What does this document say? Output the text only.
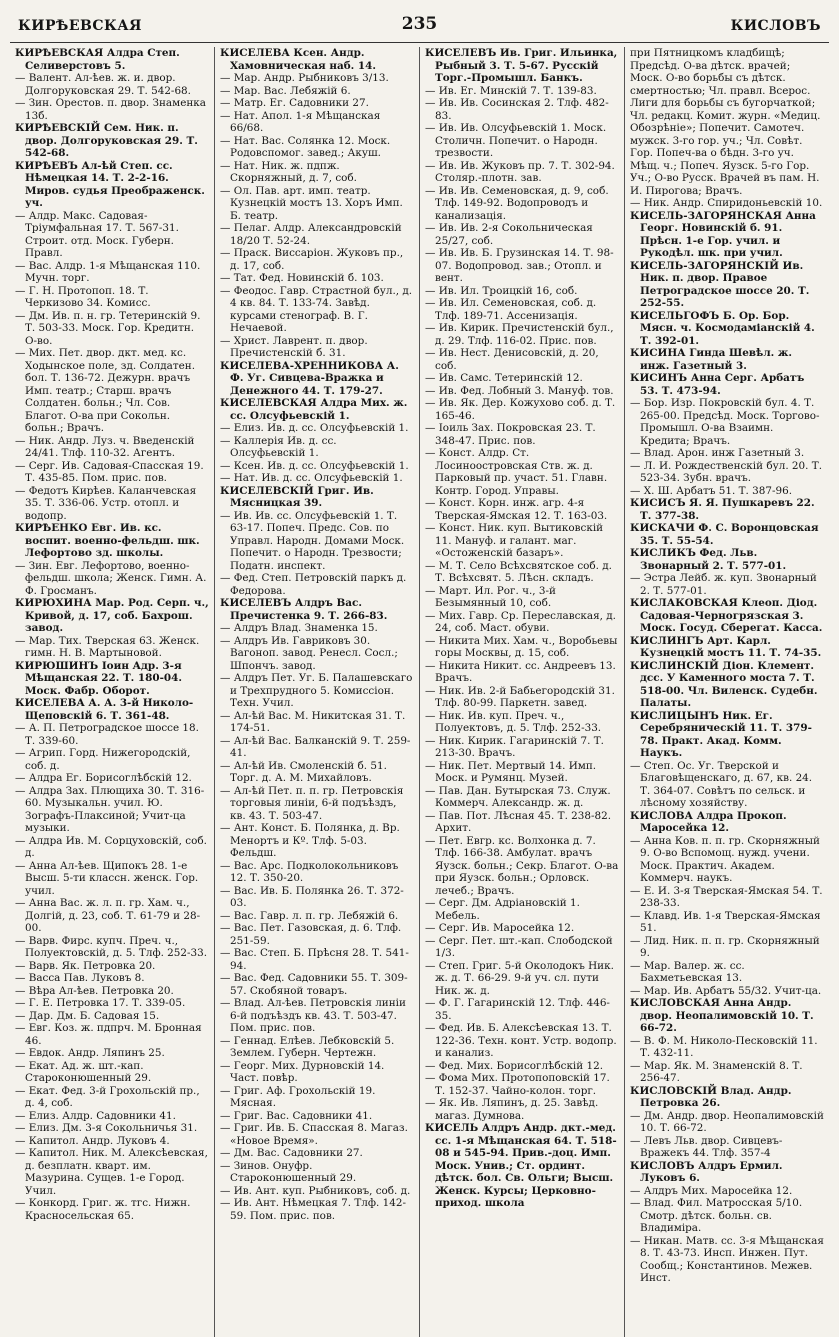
КИРѢЕВСКАЯ	235	КИСЛОВЪ

КИРѢЕВСКАЯ Алдра Степ. Селиверстовъ 5.

— Валент. Ал-ѣев. ж. и. двор. Долгоруковская 29. Т. 542-68.

— Зин. Орестов. п. двор. Знаменка 13б.

КИРѢЕВСКІЙ Сем. Ник. п. двор. Долгоруковская 29. Т. 542-68.

КИРѢЕВЪ Ал-ѣй Степ. сс. Нѣмецкая 14. Т. 2-2-16. Миров. судья Преображенск. уч.

— Алдр. Макс. Садовая-Тріумфальная 17. Т. 567-31. Строит. отд. Моск. Губерн. Правл.

— Вас. Алдр. 1-я Мѣщанская 110. Мучн. торг.

— Г. Н. Протопоп. 18. Т. Черкизово 34. Комисс.

— Дм. Ив. п. н. гр. Тетеринскій 9. Т. 503-33. Моск. Гор. Кредитн. О-во.

— Мих. Пет. двор. дкт. мед. кс. Ходынское поле, зд. Солдатен. бол. Т. 136-72. Дежурн. врачъ Имп. театр.; Старш. врачъ Солдатен. больн.; Чл. Сов. Благот. О-ва при Сокольн. больн.; Врачъ.

— Ник. Андр. Луз. ч. Введенскій 24/41. Тлф. 110-32. Агентъ.

— Серг. Ив. Садовая-Спасская 19. Т. 435-85. Пом. прис. пов.

— Федотъ Кирѣев. Каланчевская 35. Т. 336-06. Устр. отопл. и водопр.

КИРѢЕНКО Евг. Ив. кс. воспит. военно-фельдш. шк. Лефортово зд. школы.

— Зин. Евг. Лефортово, военно-фельдш. школа; Женск. Гимн. А. Ф. Гросманъ.

КИРЮХИНА Мар. Род. Серп. ч., Кривой, д. 17, соб. Бахрош. завод.

— Мар. Тих. Тверская 63. Женск. гимн. Н. В. Мартыновой.

КИРЮШИНЪ Іоин Адр. 3-я Мѣщанская 22. Т. 180-04. Моск. Фабр. Оборот.

КИСЕЛЕВА А. А. 3-й Николо-Щеповскій 6. Т. 361-48.

— А. П. Петроградское шоссе 18. Т. 339-60.

— Агрип. Горд. Нижегородскій, соб. д.

— Алдра Ег. Борисоглѣбскій 12.

— Алдра Зах. Плющиха 30. Т. 316-60. Музыкальн. учил. Ю. Зографъ-Плаксиной; Учит-ца музыки.

— Алдра Ив. М. Сорцуховскій, соб. д.

— Анна Ал-ѣев. Щипокъ 28. 1-е Высш. 5-ти классн. женск. Гор. учил.

— Анна Вас. ж. л. п. гр. Хам. ч., Долгій, д. 23, соб. Т. 61-79 и 28-00.

— Варв. Фирс. купч. Преч. ч., Полуектовскій, д. 5. Тлф. 252-33.

— Варв. Як. Петровка 20.

— Васса Пав. Луковъ 8.

— Вѣра Ал-ѣев. Петровка 20.

— Г. Е. Петровка 17. Т. 339-05.

— Дар. Дм. Б. Садовая 15.

— Евг. Коз. ж. пдпрч. М. Бронная 46.

— Евдок. Андр. Ляпинъ 25.

— Екат. Ад. ж. шт.-кап. Староконюшенный 29.

— Екат. Фед. 3-й Грохольскій пр., д. 4, соб.

— Елиз. Алдр. Садовники 41.

— Елиз. Дм. 3-я Сокольничья 31.

— Капитол. Андр. Луковъ 4.

— Капитол. Ник. М. Алексѣевская, д. безплатн. кварт. им. Мазурина. Сущев. 1-е Город. Учил.

— Конкорд. Григ. ж. тгс. Нижн. Красносельская 65.

КИСЕЛЕВА Ксен. Андр. Хамовническая наб. 14.

— Мар. Андр. Рыбниковъ 3/13.

— Мар. Вас. Лебяжій 6.

— Матр. Ег. Садовники 27.

— Нат. Апол. 1-я Мѣщанская 66/68.

— Нат. Вас. Солянка 12. Моск. Родовспомог. завед.; Акуш.

— Нат. Ник. ж. пдпж. Скорняжный, д. 7, соб.

— Ол. Пав. арт. имп. театр. Кузнецкій мостъ 13. Хоръ Имп. Б. театр.

— Пелаг. Алдр. Александровскій 18/20 Т. 52-24.

— Праск. Виссаріон. Жуковъ пр., д. 17, соб.

— Тат. Фед. Новинскій б. 103.

— Феодос. Гавр. Страстной бул., д. 4 кв. 84. Т. 133-74. Завѣд. курсами стенограф. В. Г. Нечаевой.

— Христ. Лаврент. п. двор. Пречистенскій б. 31.

КИСЕЛЕВА-ХРЕННИКОВА А. Ф. Уг. Сивцева-Вражка и Денежного 44. Т. 179-27.

КИСЕЛЕВСКАЯ Алдра Мих. ж. сс. Олсуфьевскій 1.

— Елиз. Ив. д. сс. Олсуфьевскій 1.

— Каллерія Ив. д. сс. Олсуфьевскій 1.

— Ксен. Ив. д. сс. Олсуфьевскій 1.

— Нат. Ив. д. сс. Олсуфьевскій 1.

КИСЕЛЕВСКІЙ Григ. Ив. Мясницкая 39.

— Ив. Ив. сс. Олсуфьевскій 1. Т. 63-17. Попеч. Предс. Сов. по Управл. Народн. Домами Моск. Попечит. о Народн. Трезвости; Податн. инспект.

— Фед. Степ. Петровскій паркъ д. Федорова.

КИСЕЛЕВЪ Алдръ Вас. Пречистенка 9. Т. 266-83.

— Алдръ Влад. Знаменка 15.

— Алдръ Ив. Гавриковъ 30. Вагоноп. завод. Ренесл. Сосл.; Шпончъ. завод.

— Алдръ Пет. Уг. Б. Палашевскаго и Трехпрудного 5. Комиссіон. Техн. Учил.

— Ал-ѣй Вас. М. Никитская 31. Т. 174-51.

— Ал-ѣй Вас. Балканскій 9. Т. 259-41.

— Ал-ѣй Ив. Смоленскій б. 51. Торг. д. А. М. Михайловъ.

— Ал-ѣй Пет. п. п. гр. Петровскія торговыя линіи, 6-й подъѣздъ, кв. 43. Т. 503-47.

— Ант. Конст. Б. Полянка, д. Вр. Менортъ и Кº. Тлф. 5-03. Фельдш.

— Вас. Арс. Подколокольниковъ 12. Т. 350-20.

— Вас. Ив. Б. Полянка 26. Т. 372-03.

— Вас. Гавр. л. п. гр. Лебяжій 6.

— Вас. Пет. Газовская, д. 6. Тлф. 251-59.

— Вас. Степ. Б. Прѣсня 28. Т. 541-94.

— Вас. Фед. Садовники 55. Т. 309-57. Скобяной товаръ.

— Влад. Ал-ѣев. Петровскія линіи 6-й подъѣздъ кв. 43. Т. 503-47. Пом. прис. пов.

— Геннад. Елѣев. Лебковскій 5. Землем. Губерн. Чертежн.

— Георг. Мих. Дурновскій 14. Част. повѣр.

— Григ. Аф. Грохольскій 19. Мясная.

— Григ. Вас. Садовники 41.

— Григ. Ив. Б. Спасская 8. Магаз. «Новое Время».

— Дм. Вас. Садовники 27.

— Зинов. Онуфр. Староконюшенный 29.

— Ив. Ант. куп. Рыбниковъ, соб. д.

— Ив. Ант. Нѣмецкая 7. Тлф. 142-59. Пом. прис. пов.

КИСЕЛЕВЪ Ив. Григ. Ильинка, Рыбный 3. Т. 5-67. Русскій Торг.-Промышл. Банкъ.

— Ив. Ег. Минскій 7. Т. 139-83.

— Ив. Ив. Сосинская 2. Тлф. 482-83.

— Ив. Ив. Олсуфьевскій 1. Моск. Столичн. Попечит. о Народн. трезвости.

— Ив. Ив. Жуковъ пр. 7. Т. 302-94. Столяр.-плотн. зав.

— Ив. Ив. Семеновская, д. 9, соб. Тлф. 149-92. Водопроводъ и канализація.

— Ив. Ив. 2-я Сокольническая 25/27, соб.

— Ив. Ив. Б. Грузинская 14. Т. 98-07. Водопровод. зав.; Отопл. и вент.

— Ив. Ил. Троицкій 16, соб.

— Ив. Ил. Семеновская, соб. д. Тлф. 189-71. Ассенизація.

— Ив. Кирик. Пречистенскій бул., д. 29. Тлф. 116-02. Прис. пов.

— Ив. Нест. Денисовскій, д. 20, соб.

— Ив. Самс. Тетеринскій 12.

— Ив. Фед. Лобный 3. Мануф. тов.

— Ив. Як. Дер. Кожухово соб. д. Т. 165-46.

— Іоиль Зах. Покровская 23. Т. 348-47. Прис. пов.

— Конст. Алдр. Ст. Лосиноостровская Ств. ж. д. Парковый пр. участ. 51. Главн. Контр. Город. Управы.

— Конст. Корн. инж. агр. 4-я Тверская-Ямская 12. Т. 163-03.

— Конст. Ник. куп. Вытиковскій 11. Мануф. и галант. маг. «Остоженскій базаръ».

— М. Т. Село Всѣхсвятское соб. д. Т. Всѣхсвят. 5. Лѣсн. складъ.

— Март. Ил. Рог. ч., 3-й Безымянный 10, соб.

— Мих. Гавр. Ср. Переславская, д. 24, соб. Маст. обуви.

— Никита Мих. Хам. ч., Воробьевы горы Москвы, д. 15, соб.

— Никита Никит. сс. Андреевъ 13. Врачъ.

— Ник. Ив. 2-й Бабьегородскій 31. Тлф. 80-99. Паркетн. завед.

— Ник. Ив. куп. Преч. ч., Полуектовъ, д. 5. Тлф. 252-33.

— Ник. Кирик. Гагаринскій 7. Т. 213-30. Врачъ.

— Ник. Пет. Мертвый 14. Имп. Моск. и Румянц. Музей.

— Пав. Дан. Бутырская 73. Служ. Коммерч. Александр. ж. д.

— Пав. Пот. Лѣсная 45. Т. 238-82. Архит.

— Пет. Евгр. кс. Волхонка д. 7. Тлф. 166-38. Амбулат. врачъ Яузск. больн.; Секр. Благот. О-ва при Яузск. больн.; Орловск. лечеб.; Врачъ.

— Серг. Дм. Адріановскій 1. Мебель.

— Серг. Ив. Маросейка 12.

— Серг. Пет. шт.-кап. Слободской 1/3.

— Степ. Григ. 5-й Околодокъ Ник. ж. д. Т. 66-29. 9-й уч. сл. пути Ник. ж. д.

— Ф. Г. Гагаринскій 12. Тлф. 446-35.

— Фед. Ив. Б. Алексѣевская 13. Т. 122-36. Техн. конт. Устр. водопр. и канализ.

— Фед. Мих. Борисоглѣбскій 12.

— Фома Мих. Протопоповскій 17. Т. 152-37. Чайно-колон. торг.

— Як. Ив. Ляпинъ, д. 25. Завѣд. магаз. Думнова.

КИСЕЛЬ Алдръ Андр. дкт.-мед. сс. 1-я Мѣщанская 64. Т. 518-08 и 545-94. Прив.-доц. Имп. Моск. Унив.; Ст. ординт. дѣтск. бол. Св. Ольги; Высш. Женск. Курсы; Церковно-приход. школа

при Пятницкомъ кладбищѣ; Предсѣд. О-ва дѣтск. врачей; Моск. О-во борьбы съ дѣтск. смертностью; Чл. правл. Всерос. Лиги для борьбы съ бугорчаткой; Чл. редакц. Комит. журн. «Медиц. Обозрѣніе»; Попечит. Самотеч. мужск. 3-го гор. уч.; Чл. Совѣт. Гор. Попеч-ва о бѣдн. 3-го уч. Мѣщ. ч.; Попеч. Яузск. 5-го Гор. Уч.; О-во Русск. Врачей въ пам. Н. И. Пирогова; Врачъ.

— Ник. Андр. Спиридоньевскій 10.

КИСЕЛЬ-ЗАГОРЯНСКАЯ Анна Георг. Новинскій б. 91. Прѣсн. 1-е Гор. учил. и Рукодѣл. шк. при учил.

КИСЕЛЬ-ЗАГОРЯНСКІЙ Ив. Ник. п. двор. Правое Петроградское шоссе 20. Т. 252-55.

КИСЕЛЬГОФЪ Б. Ор. Бор. Мясн. ч. Космодаміанскій 4. Т. 392-01.

КИСИНА Гинда Шевѣл. ж. инж. Газетный 3.

КИСИНЪ Анна Серг. Арбатъ 53. Т. 473-94.

— Бор. Изр. Покровскій бул. 4. Т. 265-00. Предсѣд. Моск. Торгово-Промышл. О-ва Взаимн. Кредита; Врачъ.

— Влад. Арон. инж Газетный 3.

— Л. И. Рождественскій бул. 20. Т. 523-34. Зубн. врачъ.

— Х. Ш. Арбатъ 51. Т. 387-96.

КИСИСЪ Я. Я. Пушкаревъ 22. Т. 377-38.

КИСКАЧИ Ф. С. Воронцовская 35. Т. 55-54.

КИСЛИКЪ Фед. Льв. Звонарный 2. Т. 577-01.

— Эстра Лейб. ж. куп. Звонарный 2. Т. 577-01.

КИСЛАКОВСКАЯ Клеоп. Діод. Садовая-Черногрязская 3. Моск. Госуд. Сберегат. Касса.

КИСЛИНГЪ Арт. Карл. Кузнецкій мостъ 11. Т. 74-35.

КИСЛИНСКІЙ Діон. Клемент. дсс. У Каменного моста 7. Т. 518-00. Чл. Виленск. Судебн. Палаты.

КИСЛИЦЫНЪ Ник. Ег. Серебряническій 11. Т. 379-78. Практ. Акад. Комм. Наукъ.

— Степ. Ос. Уг. Тверской и Благовѣщенскаго, д. 67, кв. 24. Т. 364-07. Совѣтъ по сельск. и лѣсному хозяйству.

КИСЛОВА Алдра Прокоп. Маросейка 12.

— Анна Ков. п. п. гр. Скорняжный 9. О-во Вспомощ. нужд. учени. Моск. Практич. Академ. Коммерч. наукъ.

— Е. И. 3-я Тверская-Ямская 54. Т. 238-33.

— Клавд. Ив. 1-я Тверская-Ямская 51.

— Лид. Ник. п. п. гр. Скорняжный 9.

— Мар. Валер. ж. сс. Бахметьевская 13.

— Мар. Ив. Арбатъ 55/32. Учит-ца.

КИСЛОВСКАЯ Анна Андр. двор. Неопалимовскій 10. Т. 66-72.

— В. Ф. М. Николо-Песковскій 11. Т. 432-11.

— Мар. Як. М. Знаменскій 8. Т. 256-47.

КИСЛОВСКІЙ Влад. Андр. Петровка 26.

— Дм. Андр. двор. Неопалимовскій 10. Т. 66-72.

— Левъ Льв. двор. Сивцевъ-Вражекъ 44. Тлф. 357-4

КИСЛОВЪ Алдръ Ермил. Луковъ 6.

— Алдръ Мих. Маросейка 12.

— Влад. Фил. Матросская 5/10. Смотр. дѣтск. больн. св. Владиміра.

— Никан. Матв. сс. 3-я Мѣщанская 8. Т. 43-73. Инсп. Инжен. Пут. Сообщ.; Константинов. Межев. Инст.
